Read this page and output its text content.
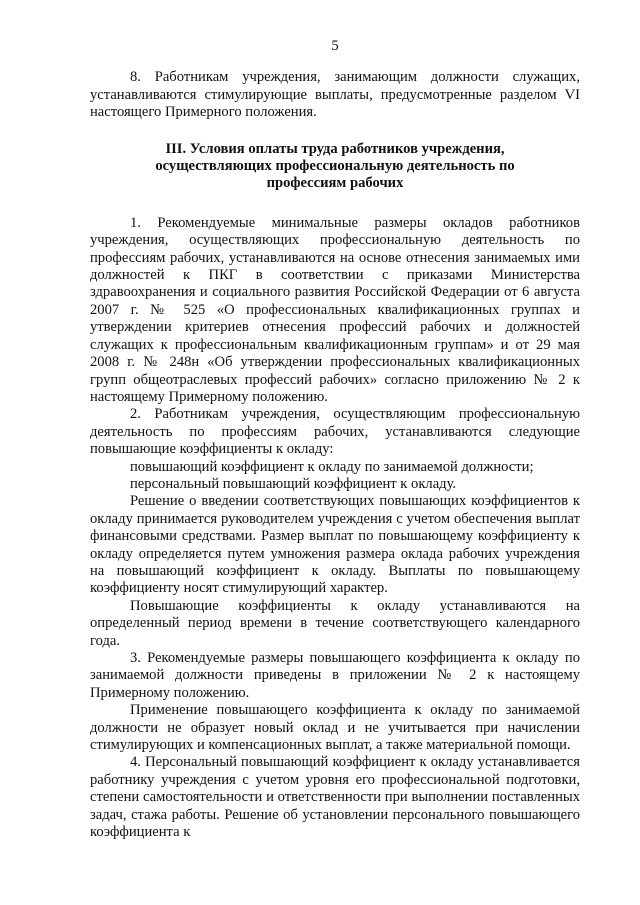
5

8. Работникам учреждения, занимающим должности служащих, устанавливаются стимулирующие выплаты, предусмотренные разделом VI настоящего Примерного положения.

III. Условия оплаты труда работников учреждения,
осуществляющих профессиональную деятельность по
профессиям рабочих

1. Рекомендуемые минимальные размеры окладов работников учреждения, осуществляющих профессиональную деятельность по профессиям рабочих, устанавливаются на основе отнесения занимаемых ими должностей к ПКГ в соответствии с приказами Министерства здравоохранения и социального развития Российской Федерации от 6 августа 2007 г. № 525 «О профессиональных квалификационных группах и утверждении критериев отнесения профессий рабочих и должностей служащих к профессиональным квалификационным группам» и от 29 мая 2008 г. № 248н «Об утверждении профессиональных квалификационных групп общеотраслевых профессий рабочих» согласно приложению № 2 к настоящему Примерному положению.

2. Работникам учреждения, осуществляющим профессиональную деятельность по профессиям рабочих, устанавливаются следующие повышающие коэффициенты к окладу:

повышающий коэффициент к окладу по занимаемой должности;

персональный повышающий коэффициент к окладу.

Решение о введении соответствующих повышающих коэффициентов к окладу принимается руководителем учреждения с учетом обеспечения выплат финансовыми средствами. Размер выплат по повышающему коэффициенту к окладу определяется путем умножения размера оклада рабочих учреждения на повышающий коэффициент к окладу. Выплаты по повышающему коэффициенту носят стимулирующий характер.

Повышающие коэффициенты к окладу устанавливаются на определенный период времени в течение соответствующего календарного года.

3. Рекомендуемые размеры повышающего коэффициента к окладу по занимаемой должности приведены в приложении № 2 к настоящему Примерному положению.

Применение повышающего коэффициента к окладу по занимаемой должности не образует новый оклад и не учитывается при начислении стимулирующих и компенсационных выплат, а также материальной помощи.

4. Персональный повышающий коэффициент к окладу устанавливается работнику учреждения с учетом уровня его профессиональной подготовки, степени самостоятельности и ответственности при выполнении поставленных задач, стажа работы. Решение об установлении персонального повышающего коэффициента к
